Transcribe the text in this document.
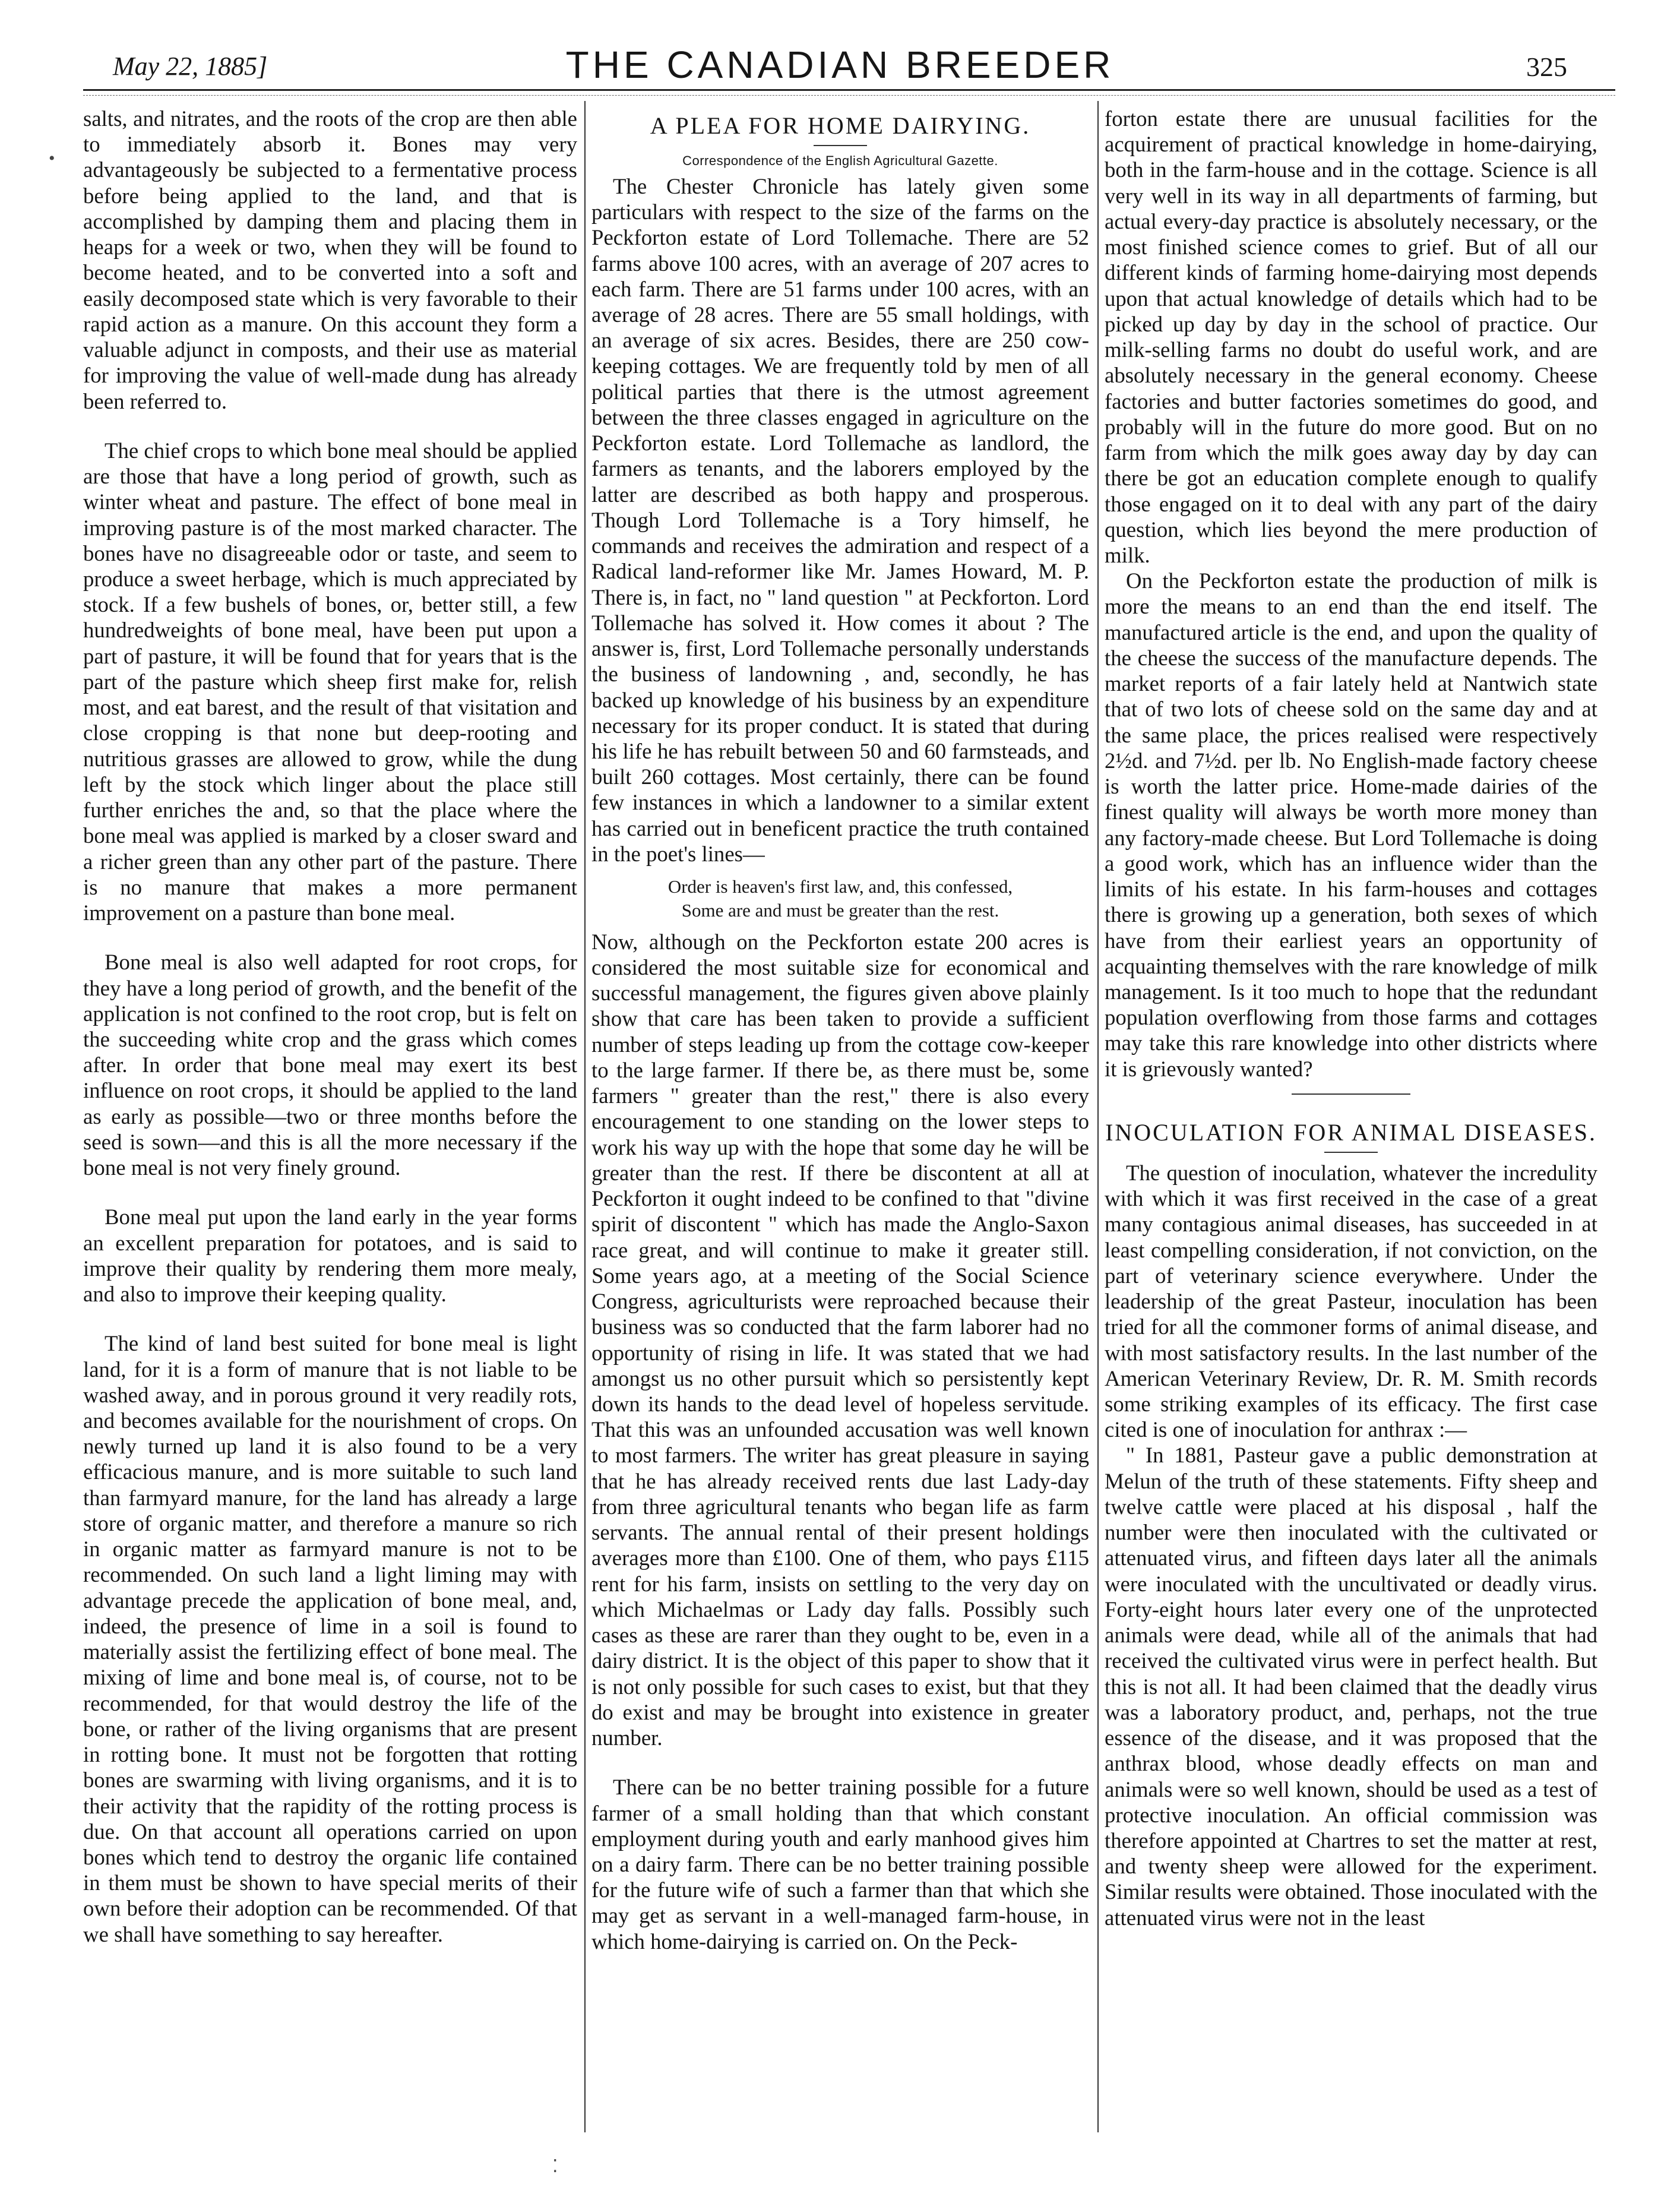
May 22, 1885]	THE CANADIAN BREEDER	325
•

salts, and nitrates, and the roots of the crop are then able to immediately absorb it. Bones may very advantageously be subjected to a fermentative process before being applied to the land, and that is accomplished by damping them and placing them in heaps for a week or two, when they will be found to become heated, and to be converted into a soft and easily decomposed state which is very favorable to their rapid action as a manure. On this account they form a valuable adjunct in composts, and their use as material for improving the value of well-made dung has already been referred to.

The chief crops to which bone meal should be applied are those that have a long period of growth, such as winter wheat and pasture. The effect of bone meal in improving pasture is of the most marked character. The bones have no disagreeable odor or taste, and seem to produce a sweet herbage, which is much appreciated by stock. If a few bushels of bones, or, better still, a few hundredweights of bone meal, have been put upon a part of pasture, it will be found that for years that is the part of the pasture which sheep first make for, relish most, and eat barest, and the result of that visitation and close cropping is that none but deep-rooting and nutritious grasses are allowed to grow, while the dung left by the stock which linger about the place still further enriches the and, so that the place where the bone meal was applied is marked by a closer sward and a richer green than any other part of the pasture. There is no manure that makes a more permanent improvement on a pasture than bone meal.

Bone meal is also well adapted for root crops, for they have a long period of growth, and the benefit of the application is not confined to the root crop, but is felt on the succeeding white crop and the grass which comes after. In order that bone meal may exert its best influence on root crops, it should be applied to the land as early as possible—two or three months before the seed is sown—and this is all the more necessary if the bone meal is not very finely ground.

Bone meal put upon the land early in the year forms an excellent preparation for potatoes, and is said to improve their quality by rendering them more mealy, and also to improve their keeping quality.

The kind of land best suited for bone meal is light land, for it is a form of manure that is not liable to be washed away, and in porous ground it very readily rots, and becomes available for the nourishment of crops. On newly turned up land it is also found to be a very efficacious manure, and is more suitable to such land than farmyard manure, for the land has already a large store of organic matter, and therefore a manure so rich in organic matter as farmyard manure is not to be recommended. On such land a light liming may with advantage precede the application of bone meal, and, indeed, the presence of lime in a soil is found to materially assist the fertilizing effect of bone meal. The mixing of lime and bone meal is, of course, not to be recommended, for that would destroy the life of the bone, or rather of the living organisms that are present in rotting bone. It must not be forgotten that rotting bones are swarming with living organisms, and it is to their activity that the rapidity of the rotting process is due. On that account all operations carried on upon bones which tend to destroy the organic life contained in them must be shown to have special merits of their own before their adoption can be recommended. Of that we shall have something to say hereafter.

A PLEA FOR HOME DAIRYING.
Correspondence of the English Agricultural Gazette.

The Chester Chronicle has lately given some particulars with respect to the size of the farms on the Peckforton estate of Lord Tollemache. There are 52 farms above 100 acres, with an average of 207 acres to each farm. There are 51 farms under 100 acres, with an average of 28 acres. There are 55 small holdings, with an average of six acres. Besides, there are 250 cow-keeping cottages. We are frequently told by men of all political parties that there is the utmost agreement between the three classes engaged in agriculture on the Peckforton estate. Lord Tollemache as landlord, the farmers as tenants, and the laborers employed by the latter are described as both happy and prosperous. Though Lord Tollemache is a Tory himself, he commands and receives the admiration and respect of a Radical land-reformer like Mr. James Howard, M. P. There is, in fact, no " land question " at Peckforton. Lord Tollemache has solved it. How comes it about ? The answer is, first, Lord Tollemache personally understands the business of landowning , and, secondly, he has backed up knowledge of his business by an expenditure necessary for its proper conduct. It is stated that during his life he has rebuilt between 50 and 60 farmsteads, and built 260 cottages. Most certainly, there can be found few instances in which a landowner to a similar extent has carried out in beneficent practice the truth contained in the poet's lines—

Order is heaven's first law, and, this confessed,
Some are and must be greater than the rest.

Now, although on the Peckforton estate 200 acres is considered the most suitable size for economical and successful management, the figures given above plainly show that care has been taken to provide a sufficient number of steps leading up from the cottage cow-keeper to the large farmer. If there be, as there must be, some farmers " greater than the rest," there is also every encouragement to one standing on the lower steps to work his way up with the hope that some day he will be greater than the rest. If there be discontent at all at Peckforton it ought indeed to be confined to that "divine spirit of discontent " which has made the Anglo-Saxon race great, and will continue to make it greater still. Some years ago, at a meeting of the Social Science Congress, agriculturists were reproached because their business was so conducted that the farm laborer had no opportunity of rising in life. It was stated that we had amongst us no other pursuit which so persistently kept down its hands to the dead level of hopeless servitude. That this was an unfounded accusation was well known to most farmers. The writer has great pleasure in saying that he has already received rents due last Lady-day from three agricultural tenants who began life as farm servants. The annual rental of their present holdings averages more than £100. One of them, who pays £115 rent for his farm, insists on settling to the very day on which Michaelmas or Lady day falls. Possibly such cases as these are rarer than they ought to be, even in a dairy district. It is the object of this paper to show that it is not only possible for such cases to exist, but that they do exist and may be brought into existence in greater number.

There can be no better training possible for a future farmer of a small holding than that which constant employment during youth and early manhood gives him on a dairy farm. There can be no better training possible for the future wife of such a farmer than that which she may get as servant in a well-managed farm-house, in which home-dairying is carried on. On the Peck-

forton estate there are unusual facilities for the acquirement of practical knowledge in home-dairying, both in the farm-house and in the cottage. Science is all very well in its way in all departments of farming, but actual every-day practice is absolutely necessary, or the most finished science comes to grief. But of all our different kinds of farming home-dairying most depends upon that actual knowledge of details which had to be picked up day by day in the school of practice. Our milk-selling farms no doubt do useful work, and are absolutely necessary in the general economy. Cheese factories and butter factories sometimes do good, and probably will in the future do more good. But on no farm from which the milk goes away day by day can there be got an education complete enough to qualify those engaged on it to deal with any part of the dairy question, which lies beyond the mere production of milk.

On the Peckforton estate the production of milk is more the means to an end than the end itself. The manufactured article is the end, and upon the quality of the cheese the success of the manufacture depends. The market reports of a fair lately held at Nantwich state that of two lots of cheese sold on the same day and at the same place, the prices realised were respectively 2½d. and 7½d. per lb. No English-made factory cheese is worth the latter price. Home-made dairies of the finest quality will always be worth more money than any factory-made cheese. But Lord Tollemache is doing a good work, which has an influence wider than the limits of his estate. In his farm-houses and cottages there is growing up a generation, both sexes of which have from their earliest years an opportunity of acquainting themselves with the rare knowledge of milk management. Is it too much to hope that the redundant population overflowing from those farms and cottages may take this rare knowledge into other districts where it is grievously wanted?

INOCULATION FOR ANIMAL DISEASES.

The question of inoculation, whatever the incredulity with which it was first received in the case of a great many contagious animal diseases, has succeeded in at least compelling consideration, if not conviction, on the part of veterinary science everywhere. Under the leadership of the great Pasteur, inoculation has been tried for all the commoner forms of animal disease, and with most satisfactory results. In the last number of the American Veterinary Review, Dr. R. M. Smith records some striking examples of its efficacy. The first case cited is one of inoculation for anthrax :—

" In 1881, Pasteur gave a public demonstration at Melun of the truth of these statements. Fifty sheep and twelve cattle were placed at his disposal , half the number were then inoculated with the cultivated or attenuated virus, and fifteen days later all the animals were inoculated with the uncultivated or deadly virus. Forty-eight hours later every one of the unprotected animals were dead, while all of the animals that had received the cultivated virus were in perfect health. But this is not all. It had been claimed that the deadly virus was a laboratory product, and, perhaps, not the true essence of the disease, and it was proposed that the anthrax blood, whose deadly effects on man and animals were so well known, should be used as a test of protective inoculation. An official commission was therefore appointed at Chartres to set the matter at rest, and twenty sheep were allowed for the experiment. Similar results were obtained. Those inoculated with the attenuated virus were not in the least

⁚
